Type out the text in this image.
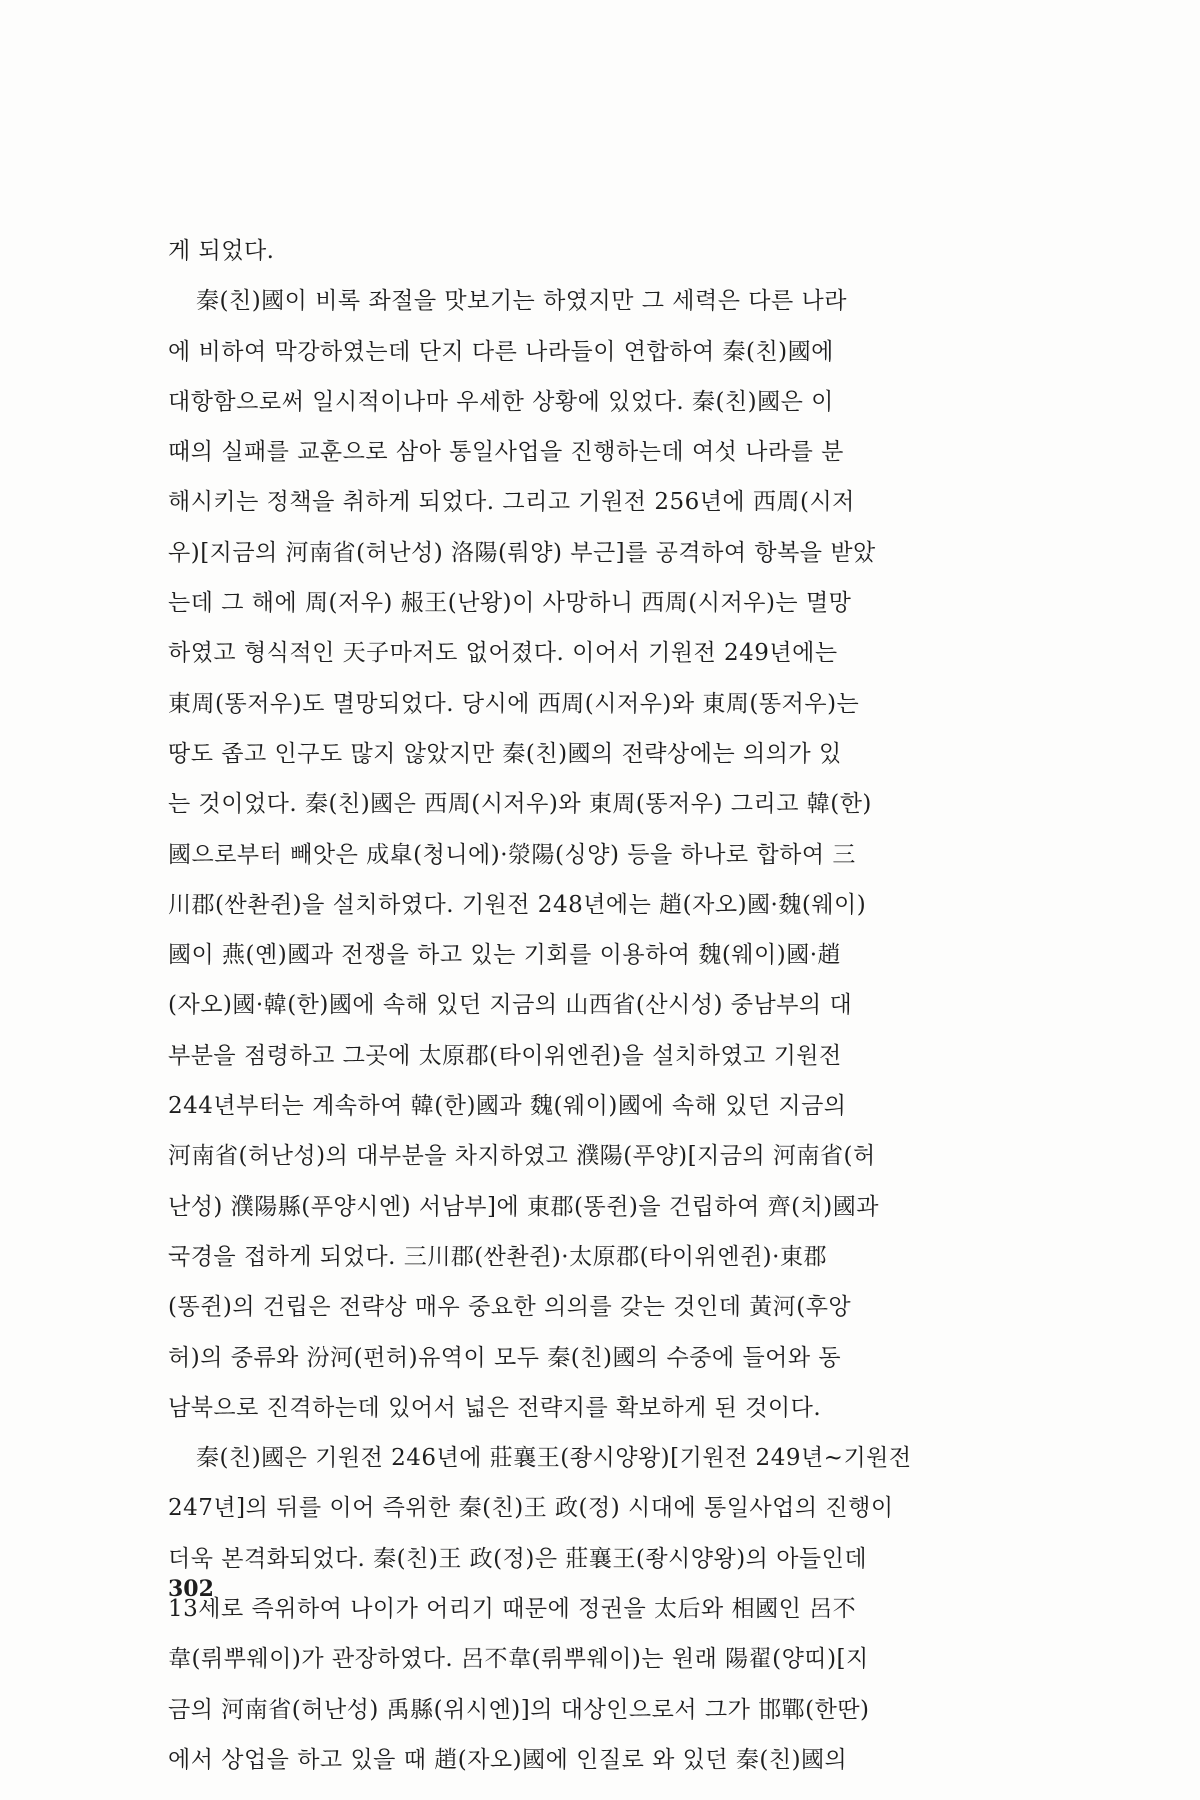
게 되었다.
秦(친)國이 비록 좌절을 맛보기는 하였지만 그 세력은 다른 나라
에 비하여 막강하였는데 단지 다른 나라들이 연합하여 秦(친)國에
대항함으로써 일시적이나마 우세한 상황에 있었다. 秦(친)國은 이
때의 실패를 교훈으로 삼아 통일사업을 진행하는데 여섯 나라를 분
해시키는 정책을 취하게 되었다. 그리고 기원전 256년에 西周(시저
우)[지금의 河南省(허난성) 洛陽(뤄양) 부근]를 공격하여 항복을 받았
는데 그 해에 周(저우) 赧王(난왕)이 사망하니 西周(시저우)는 멸망
하였고 형식적인 天子마저도 없어졌다. 이어서 기원전 249년에는
東周(똥저우)도 멸망되었다. 당시에 西周(시저우)와 東周(똥저우)는
땅도 좁고 인구도 많지 않았지만 秦(친)國의 전략상에는 의의가 있
는 것이었다. 秦(친)國은 西周(시저우)와 東周(똥저우) 그리고 韓(한)
國으로부터 빼앗은 成皐(청니에)·滎陽(싱양) 등을 하나로 합하여 三
川郡(싼촨쥔)을 설치하였다. 기원전 248년에는 趙(자오)國·魏(웨이)
國이 燕(옌)國과 전쟁을 하고 있는 기회를 이용하여 魏(웨이)國·趙
(자오)國·韓(한)國에 속해 있던 지금의 山西省(산시성) 중남부의 대
부분을 점령하고 그곳에 太原郡(타이위엔쥔)을 설치하였고 기원전
244년부터는 계속하여 韓(한)國과 魏(웨이)國에 속해 있던 지금의
河南省(허난성)의 대부분을 차지하였고 濮陽(푸양)[지금의 河南省(허
난성) 濮陽縣(푸양시엔) 서남부]에 東郡(똥쥔)을 건립하여 齊(치)國과
국경을 접하게 되었다. 三川郡(싼촨쥔)·太原郡(타이위엔쥔)·東郡
(똥쥔)의 건립은 전략상 매우 중요한 의의를 갖는 것인데 黃河(후앙
허)의 중류와 汾河(펀허)유역이 모두 秦(친)國의 수중에 들어와 동
남북으로 진격하는데 있어서 넓은 전략지를 확보하게 된 것이다.
秦(친)國은 기원전 246년에 莊襄王(좡시양왕)[기원전 249년~기원전
247년]의 뒤를 이어 즉위한 秦(친)王 政(정) 시대에 통일사업의 진행이
더욱 본격화되었다. 秦(친)王 政(정)은 莊襄王(좡시양왕)의 아들인데
13세로 즉위하여 나이가 어리기 때문에 정권을 太后와 相國인 呂不
韋(뤼뿌웨이)가 관장하였다. 呂不韋(뤼뿌웨이)는 원래 陽翟(양띠)[지
금의 河南省(허난성) 禹縣(위시엔)]의 대상인으로서 그가 邯鄲(한딴)
에서 상업을 하고 있을 때 趙(자오)國에 인질로 와 있던 秦(친)國의
302
